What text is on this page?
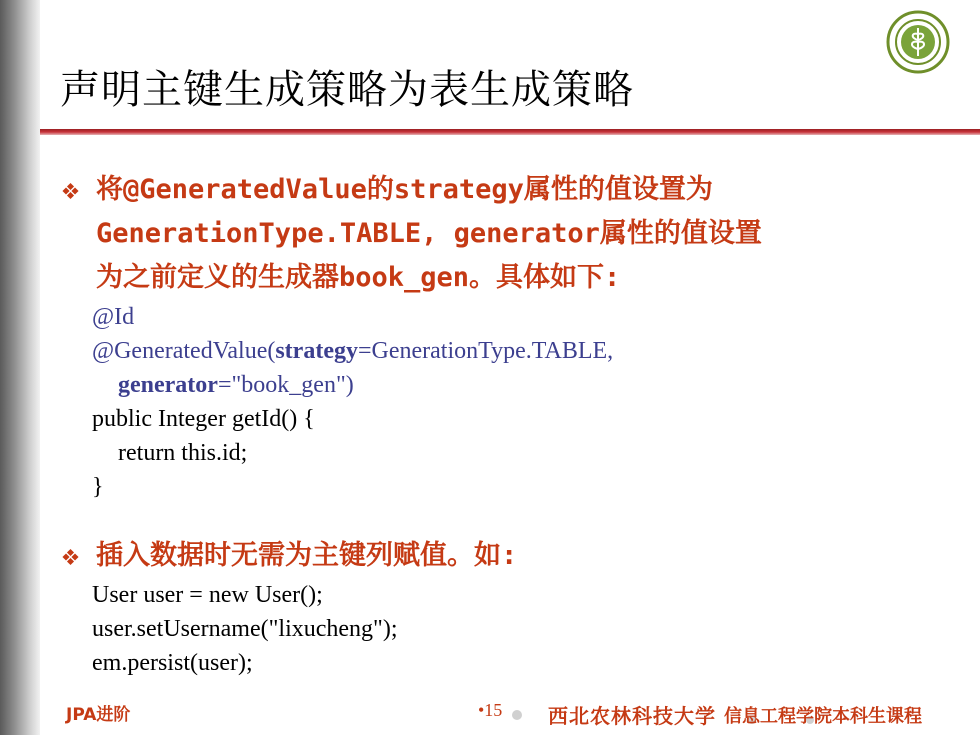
声明主键生成策略为表生成策略
将@GeneratedValue的strategy属性的值设置为
GenerationType.TABLE, generator属性的值设置
为之前定义的生成器book_gen。具体如下:
@Id
@GeneratedValue(strategy=GenerationType.TABLE,
generator="book_gen")
public Integer getId() {
return this.id;
}
插入数据时无需为主键列赋值。如:
User user = new User();
user.setUsername("lixucheng");
em.persist(user);
JPA进阶	•15 西北农林科技大学 信息工程学院本科生课程
